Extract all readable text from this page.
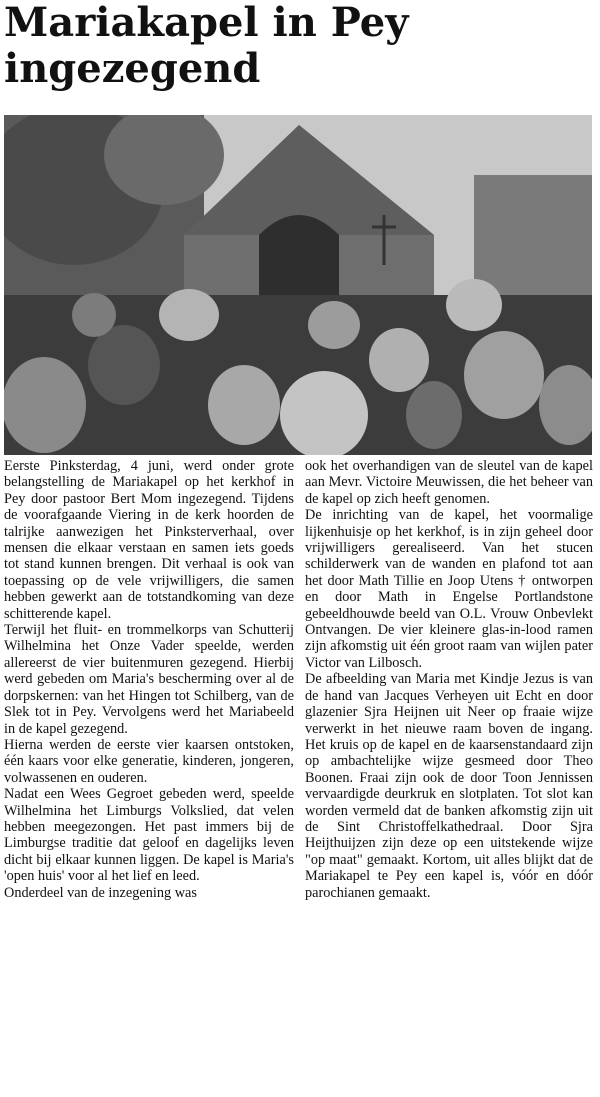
Mariakapel in Pey ingezegend

Eerste Pinksterdag, 4 juni, werd onder grote belangstelling de Mariakapel op het kerkhof in Pey door pastoor Bert Mom ingezegend. Tijdens de voorafgaande Viering in de kerk hoorden de talrijke aanwezigen het Pinksterverhaal, over mensen die elkaar verstaan en samen iets goeds tot stand kunnen brengen. Dit verhaal is ook van toepassing op de vele vrijwilligers, die samen hebben gewerkt aan de totstandkoming van deze schitterende kapel.

Terwijl het fluit- en trommelkorps van Schutterij Wilhelmina het Onze Vader speelde, werden allereerst de vier buitenmuren gezegend. Hierbij werd gebeden om Maria's bescherming over al de dorpskernen: van het Hingen tot Schilberg, van de Slek tot in Pey. Vervolgens werd het Mariabeeld in de kapel gezegend.

Hierna werden de eerste vier kaarsen ontstoken, één kaars voor elke generatie, kinderen, jongeren, volwassenen en ouderen.

Nadat een Wees Gegroet gebeden werd, speelde Wilhelmina het Limburgs Volkslied, dat velen hebben meegezongen. Het past immers bij de Limburgse traditie dat geloof en dagelijks leven dicht bij elkaar kunnen liggen. De kapel is Maria's 'open huis' voor al het lief en leed.

Onderdeel van de inzegening was

ook het overhandigen van de sleutel van de kapel aan Mevr. Victoire Meuwissen, die het beheer van de kapel op zich heeft genomen.

De inrichting van de kapel, het voormalige lijkenhuisje op het kerkhof, is in zijn geheel door vrijwilligers gerealiseerd. Van het stucen schilderwerk van de wanden en plafond tot aan het door Math Tillie en Joop Utens † ontworpen en door Math in Engelse Portlandstone gebeeldhouwde beeld van O.L. Vrouw Onbevlekt Ontvangen. De vier kleinere glas-in-lood ramen zijn afkomstig uit één groot raam van wijlen pater Victor van Lilbosch.

De afbeelding van Maria met Kindje Jezus is van de hand van Jacques Verheyen uit Echt en door glazenier Sjra Heijnen uit Neer op fraaie wijze verwerkt in het nieuwe raam boven de ingang. Het kruis op de kapel en de kaarsenstandaard zijn op ambachtelijke wijze gesmeed door Theo Boonen. Fraai zijn ook de door Toon Jennissen vervaardigde deurkruk en slotplaten. Tot slot kan worden vermeld dat de banken afkomstig zijn uit de Sint Christoffelkathedraal. Door Sjra Heijthuijzen zijn deze op een uitstekende wijze "op maat" gemaakt. Kortom, uit alles blijkt dat de Mariakapel te Pey een kapel is, vóór en dóór parochianen gemaakt.
